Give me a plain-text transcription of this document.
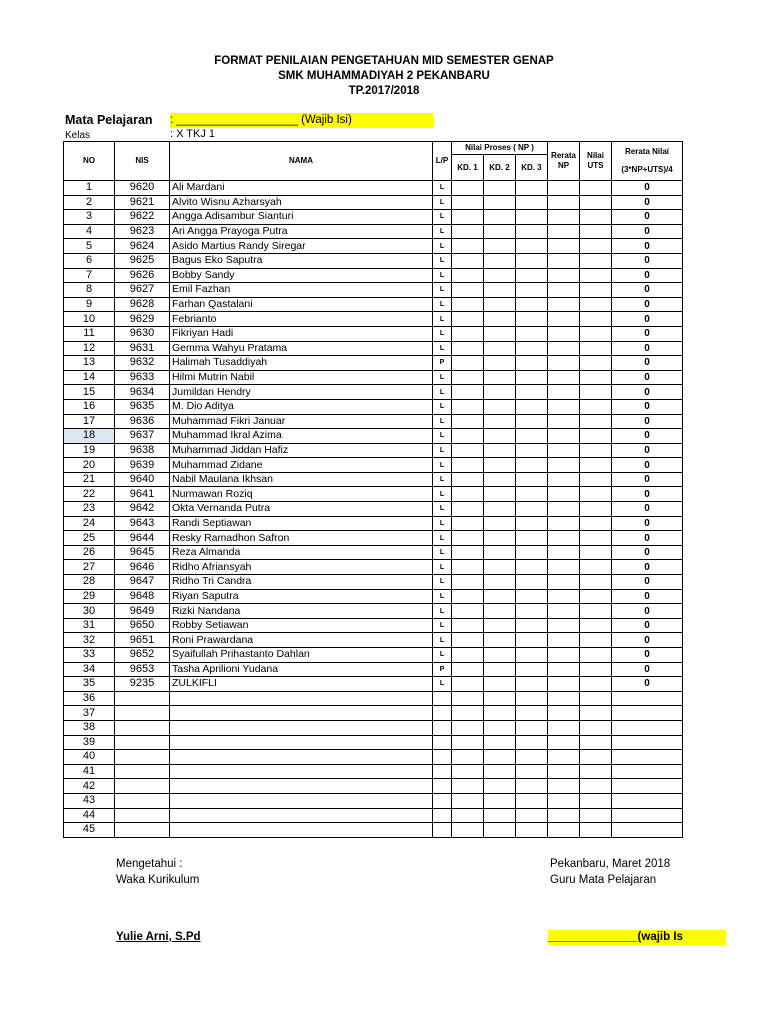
FORMAT PENILAIAN PENGETAHUAN MID SEMESTER GENAP
SMK MUHAMMADIYAH 2 PEKANBARU
TP.2017/2018
Mata Pelajaran : ___________________ (Wajib Isi)
Kelas	: X TKJ 1
NO	NIS	NAMA	L/P	Nilai Proses ( NP )			Rerata NP	Nilai UTS	Rerata Nilai
(3*NP+UTS)/4

				KD. 1	KD. 2	KD. 3			
1	9620	Ali Mardani	L						0
2	9621	Alvito Wisnu Azharsyah	L						0
3	9622	Angga Adisambur Sianturi	L						0
4	9623	Ari Angga Prayoga Putra	L						0
5	9624	Asido Martius Randy Siregar	L						0
6	9625	Bagus Eko Saputra	L						0
7	9626	Bobby Sandy	L						0
8	9627	Emil Fazhan	L						0
9	9628	Farhan Qastalani	L						0
10	9629	Febrianto	L						0
11	9630	Fikriyan Hadi	L						0
12	9631	Gemma Wahyu Pratama	L						0
13	9632	Halimah Tusaddiyah	P						0
14	9633	Hilmi Mutrin Nabil	L						0
15	9634	Jumildan Hendry	L						0
16	9635	M. Dio Aditya	L						0
17	9636	Muhammad Fikri Januar	L						0
18	9637	Muhammad Ikral Azima	L						0
19	9638	Muhammad Jiddan Hafiz	L						0
20	9639	Muhammad Zidane	L						0
21	9640	Nabil Maulana Ikhsan	L						0
22	9641	Nurmawan Roziq	L						0
23	9642	Okta Vernanda Putra	L						0
24	9643	Randi Septiawan	L						0
25	9644	Resky Ramadhon Safron	L						0
26	9645	Reza Almanda	L						0
27	9646	Ridho Afriansyah	L						0
28	9647	Ridho Tri Candra	L						0
29	9648	Riyan Saputra	L						0
30	9649	Rizki Nandana	L						0
31	9650	Robby Setiawan	L						0
32	9651	Roni Prawardana	L						0
33	9652	Syaifullah Prihastanto Dahlan	L						0
34	9653	Tasha Aprilioni Yudana	P						0
35	9235	ZULKIFLI	L						0
36									
37									
38									
39									
40									
41									
42									
43									
44									
45									
Mengetahui :
Waka Kurikulum
Pekanbaru, Maret 2018
Guru Mata Pelajaran
Yulie Arni, S.Pd	______________(wajib Is
